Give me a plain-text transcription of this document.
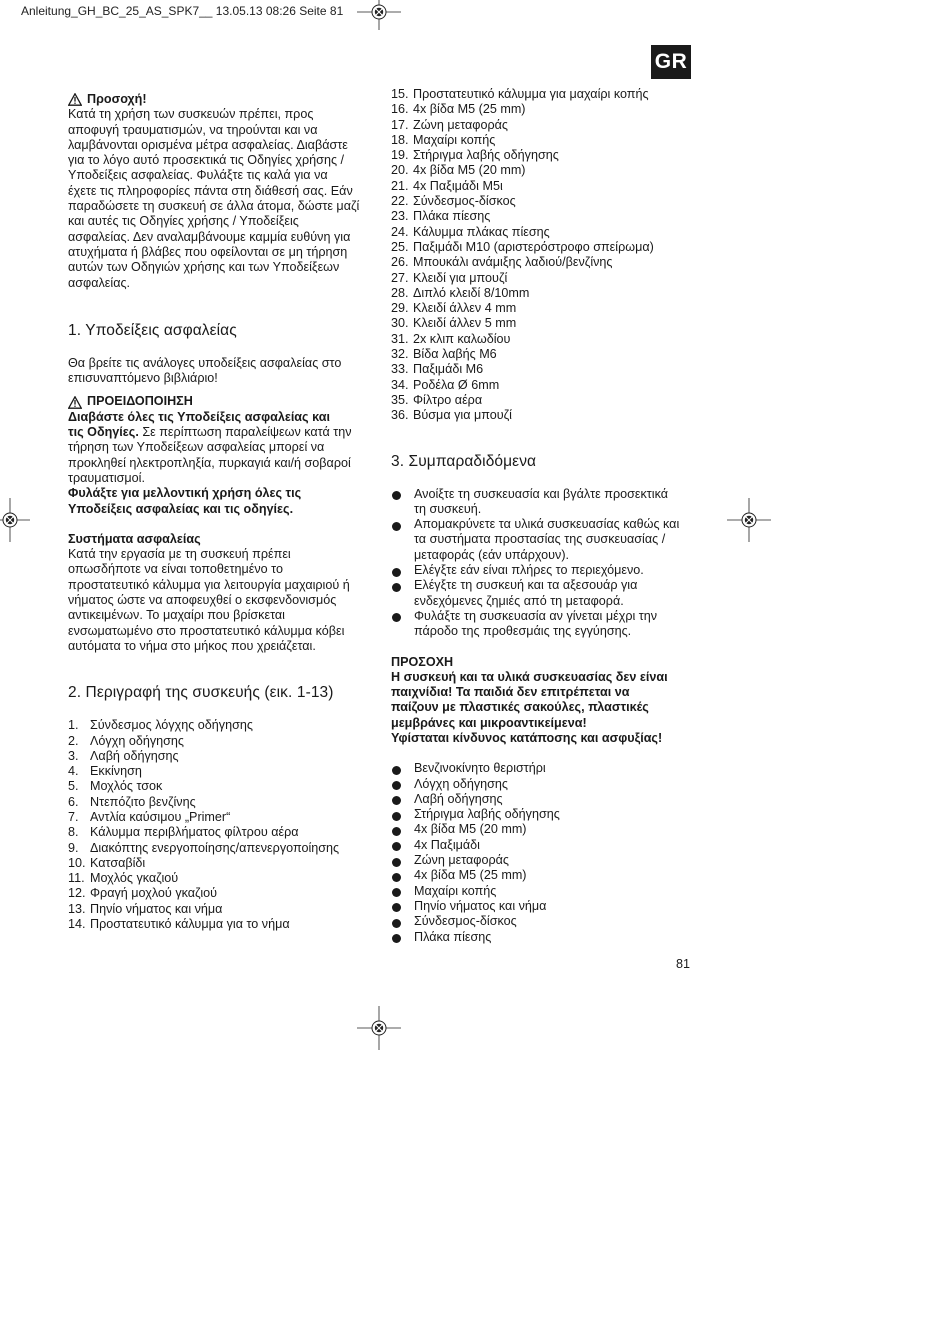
Anleitung_GH_BC_25_AS_SPK7__ 13.05.13 08:26 Seite 81
GR
Προσοχή!

Κατά τη χρήση των συσκευών πρέπει, προς

αποφυγή τραυματισμών, να τηρούνται και να

λαμβάνονται ορισμένα μέτρα ασφαλείας. Διαβάστε

για το λόγο αυτό προσεκτικά τις Οδηγίες χρήσης /

Υποδείξεις ασφαλείας. Φυλάξτε τις καλά για να

έχετε τις πληροφορίες πάντα στη διάθεσή σας. Εάν

παραδώσετε τη συσκευή σε άλλα άτομα, δώστε μαζί

και αυτές τις Οδηγίες χρήσης / Υποδείξεις

ασφαλείας. Δεν αναλαμβάνουμε καμμία ευθύνη για

ατυχήματα ή βλάβες που οφείλονται σε μη τήρηση

αυτών των Οδηγιών χρήσης και των Υποδείξεων

ασφαλείας.

1. Υποδείξεις ασφαλείας

Θα βρείτε τις ανάλογες υποδείξεις ασφαλείας στο

επισυναπτόμενο βιβλιάριο!

ΠΡΟΕΙΔΟΠΟΙΗΣΗ

Διαβάστε όλες τις Υποδείξεις ασφαλείας και

τις Οδηγίες. Σε περίπτωση παραλείψεων κατά την

τήρηση των Υποδείξεων ασφαλείας μπορεί να

προκληθεί ηλεκτροπληξία, πυρκαγιά και/ή σοβαροί

τραυματισμοί.

Φυλάξτε για μελλοντική χρήση όλες τις

Υποδείξεις ασφαλείας και τις οδηγίες.

Συστήματα ασφαλείας

Κατά την εργασία με τη συσκευή πρέπει

οπωσδήποτε να είναι τοποθετημένο το

προστατευτικό κάλυμμα για λειτουργία μαχαιριού ή

νήματος ώστε να αποφευχθεί ο εκσφενδονισμός

αντικειμένων. Το μαχαίρι που βρίσκεται

ενσωματωμένο στο προστατευτικό κάλυμμα κόβει

αυτόματα το νήμα στο μήκος που χρειάζεται.

2. Περιγραφή της συσκευής (εικ. 1-13)
1. Σύνδεσμος λόγχης οδήγησης
2. Λόγχη οδήγησης
3. Λαβή οδήγησης
4. Εκκίνηση
5. Μοχλός τσοκ
6. Ντεπόζιτο βενζίνης
7. Αντλία καύσιμου „Primer“
8. Κάλυμμα περιβλήματος φίλτρου αέρα
9. Διακόπτης ενεργοποίησης/απενεργοποίησης
10. Κατσαβίδι
11. Μοχλός γκαζιού
12. Φραγή μοχλού γκαζιού
13. Πηνίο νήματος και νήμα
14. Προστατευτικό κάλυμμα για το νήμα
15. Προστατευτικό κάλυμμα για μαχαίρι κοπής
16. 4x βίδα M5 (25 mm)
17. Ζώνη μεταφοράς
18. Μαχαίρι κοπής
19. Στήριγμα λαβής οδήγησης
20. 4x βίδα M5 (20 mm)
21. 4x Παξιμάδι M5ι
22. Σύνδεσμος-δίσκος
23. Πλάκα πίεσης
24. Κάλυμμα πλάκας πίεσης
25. Παξιμάδι M10 (αριστερόστροφο σπείρωμα)
26. Μπουκάλι ανάμιξης λαδιού/βενζίνης
27. Κλειδί για μπουζί
28. Διπλό κλειδί 8/10mm
29. Κλειδί άλλεν 4 mm
30. Κλειδί άλλεν 5 mm
31. 2x κλιπ καλωδίου
32. Βίδα λαβής M6
33. Παξιμάδι M6
34. Ροδέλα Ø 6mm
35. Φίλτρο αέρα
36. Βύσμα για μπουζί
3. Συμπαραδιδόμενα
Ανοίξτε τη συσκευασία και βγάλτε προσεκτικά
τη συσκευή.
Απομακρύνετε τα υλικά συσκευασίας καθώς και
τα συστήματα προστασίας της συσκευασίας /
μεταφοράς (εάν υπάρχουν).
Ελέγξτε εάν είναι πλήρες το περιεχόμενο.
Ελέγξτε τη συσκευή και τα αξεσουάρ για
ενδεχόμενες ζημιές από τη μεταφορά.
Φυλάξτε τη συσκευασία αν γίνεται μέχρι την
πάροδο της προθεσμάις της εγγύησης.

ΠΡΟΣΟΧΗ

Η συσκευή και τα υλικά συσκευασίας δεν είναι

παιχνίδια! Τα παιδιά δεν επιτρέπεται να

παίζουν με πλαστικές σακούλες, πλαστικές

μεμβράνες και μικροαντικείμενα!

Υφίσταται κίνδυνος κατάποσης και ασφυξίας!

Βενζινοκίνητο θεριστήρι
Λόγχη οδήγησης
Λαβή οδήγησης
Στήριγμα λαβής οδήγησης
4x βίδα M5 (20 mm)
4x Παξιμάδι
Ζώνη μεταφοράς
4x βίδα M5 (25 mm)
Μαχαίρι κοπής
Πηνίο νήματος και νήμα
Σύνδεσμος-δίσκος
Πλάκα πίεσης
81
